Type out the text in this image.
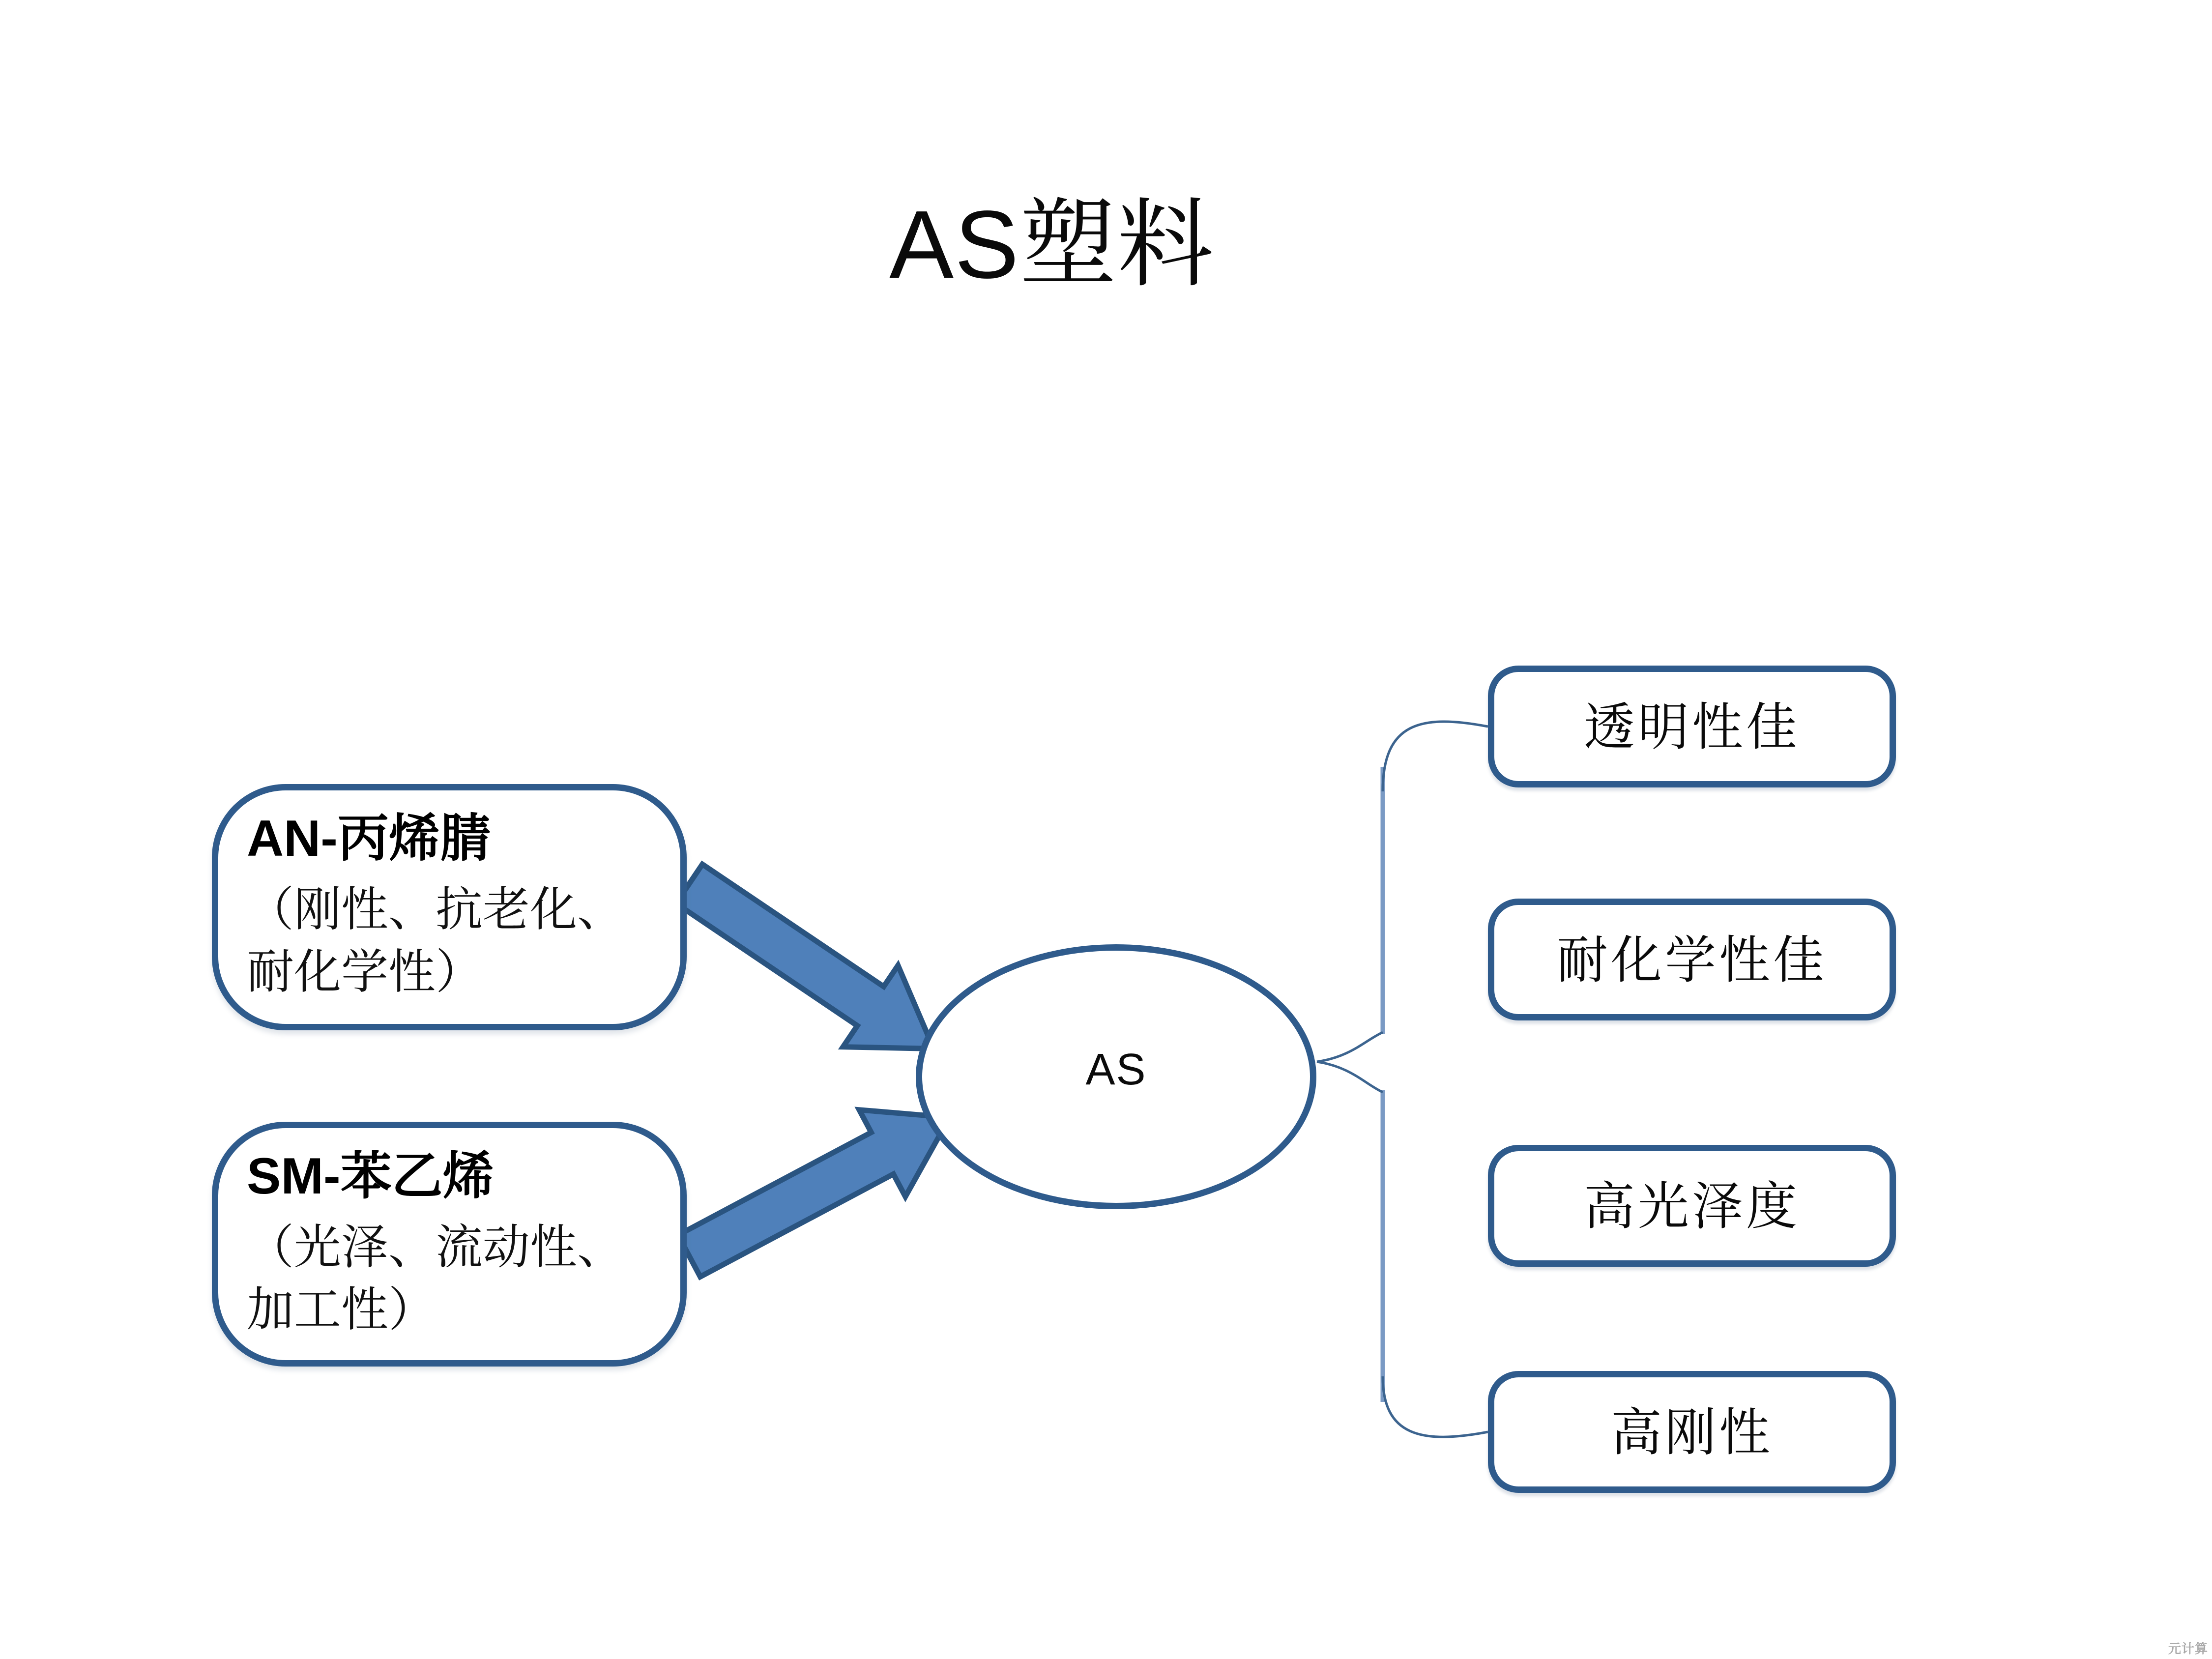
AS塑料
AN-丙烯腈
（刚性、抗老化、
耐化学性）
SM-苯乙烯
（光泽、流动性、
加工性）
AS
透明性佳
耐化学性佳
高光泽度
高刚性
元计算
